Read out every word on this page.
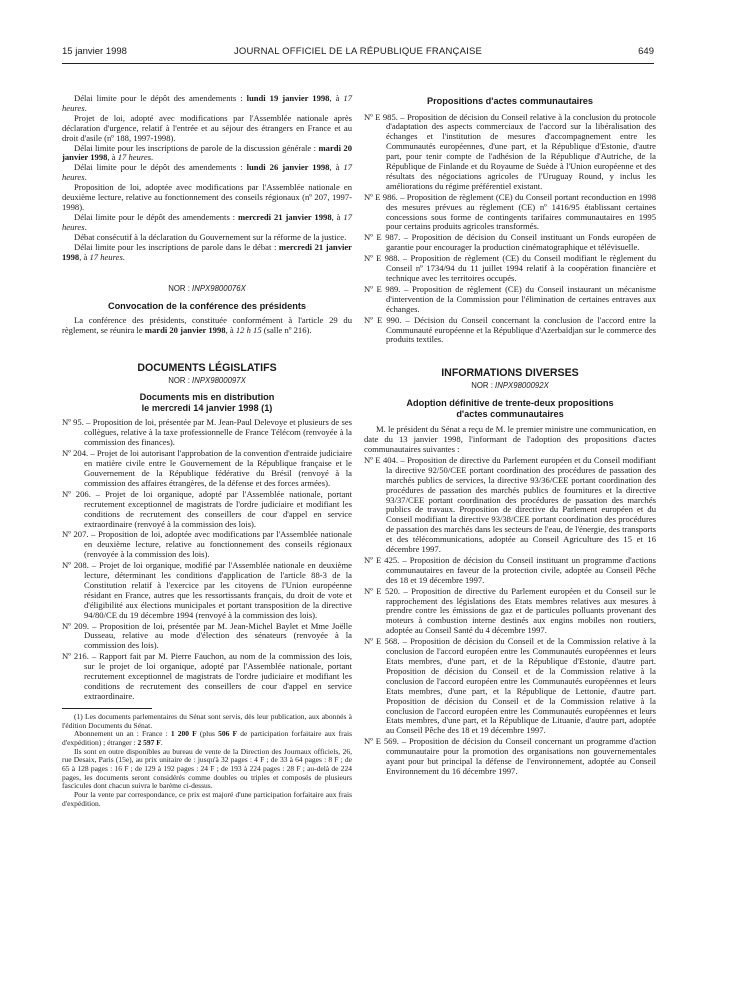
15 janvier 1998	JOURNAL OFFICIEL DE LA RÉPUBLIQUE FRANÇAISE	649

Délai limite pour le dépôt des amendements : lundi 19 janvier 1998, à 17 heures.

Projet de loi, adopté avec modifications par l'Assemblée nationale après déclaration d'urgence, relatif à l'entrée et au séjour des étrangers en France et au droit d'asile (nº 188, 1997-1998).

Délai limite pour les inscriptions de parole de la discussion générale : mardi 20 janvier 1998, à 17 heures.

Délai limite pour le dépôt des amendements : lundi 26 janvier 1998, à 17 heures.

Proposition de loi, adoptée avec modifications par l'Assemblée nationale en deuxième lecture, relative au fonctionnement des conseils régionaux (nº 207, 1997-1998).

Délai limite pour le dépôt des amendements : mercredi 21 janvier 1998, à 17 heures.

Débat consécutif à la déclaration du Gouvernement sur la réforme de la justice.

Délai limite pour les inscriptions de parole dans le débat : mercredi 21 janvier 1998, à 17 heures.

NOR : INPX9800076X

Convocation de la conférence des présidents

La conférence des présidents, constituée conformément à l'article 29 du règlement, se réunira le mardi 20 janvier 1998, à 12 h 15 (salle nº 216).

DOCUMENTS LÉGISLATIFS

NOR : INPX9800097X

Documents mis en distribution

le mercredi 14 janvier 1998 (1)

Nº 95. – Proposition de loi, présentée par M. Jean-Paul Delevoye et plusieurs de ses collègues, relative à la taxe professionnelle de France Télécom (renvoyée à la commission des finances).

Nº 204. – Projet de loi autorisant l'approbation de la convention d'entraide judiciaire en matière civile entre le Gouvernement de la République française et le Gouvernement de la République fédérative du Brésil (renvoyé à la commission des affaires étrangères, de la défense et des forces armées).

Nº 206. – Projet de loi organique, adopté par l'Assemblée nationale, portant recrutement exceptionnel de magistrats de l'ordre judiciaire et modifiant les conditions de recrutement des conseillers de cour d'appel en service extraordinaire (renvoyé à la commission des lois).

Nº 207. – Proposition de loi, adoptée avec modifications par l'Assemblée nationale en deuxième lecture, relative au fonctionnement des conseils régionaux (renvoyée à la commission des lois).

Nº 208. – Projet de loi organique, modifié par l'Assemblée nationale en deuxième lecture, déterminant les conditions d'application de l'article 88-3 de la Constitution relatif à l'exercice par les citoyens de l'Union européenne résidant en France, autres que les ressortissants français, du droit de vote et d'éligibilité aux élections municipales et portant transposition de la directive 94/80/CE du 19 décembre 1994 (renvoyé à la commission des lois).

Nº 209. – Proposition de loi, présentée par M. Jean-Michel Baylet et Mme Joëlle Dusseau, relative au mode d'élection des sénateurs (renvoyée à la commission des lois).

Nº 216. – Rapport fait par M. Pierre Fauchon, au nom de la commission des lois, sur le projet de loi organique, adopté par l'Assemblée nationale, portant recrutement exceptionnel de magistrats de l'ordre judiciaire et modifiant les conditions de recrutement des conseillers de cour d'appel en service extraordinaire.

(1) Les documents parlementaires du Sénat sont servis, dès leur publication, aux abonnés à l'édition Documents du Sénat.

Abonnement un an : France : 1 200 F (plus 506 F de participation forfaitaire aux frais d'expédition) ; étranger : 2 597 F.

Ils sont en outre disponibles au bureau de vente de la Direction des Journaux officiels, 26, rue Desaix, Paris (15e), au prix unitaire de : jusqu'à 32 pages : 4 F ; de 33 à 64 pages : 8 F ; de 65 à 128 pages : 16 F ; de 129 à 192 pages : 24 F ; de 193 à 224 pages : 28 F ; au-delà de 224 pages, les documents seront considérés comme doubles ou triples et composés de plusieurs fascicules dont chacun suivra le barème ci-dessus.

Pour la vente par correspondance, ce prix est majoré d'une participation forfaitaire aux frais d'expédition.

Propositions d'actes communautaires

Nº E 985. – Proposition de décision du Conseil relative à la conclusion du protocole d'adaptation des aspects commerciaux de l'accord sur la libéralisation des échanges et l'institution de mesures d'accompagnement entre les Communautés européennes, d'une part, et la République d'Estonie, d'autre part, pour tenir compte de l'adhésion de la République d'Autriche, de la République de Finlande et du Royaume de Suède à l'Union européenne et des résultats des négociations agricoles de l'Uruguay Round, y inclus les améliorations du régime préférentiel existant.

Nº E 986. – Proposition de règlement (CE) du Conseil portant reconduction en 1998 des mesures prévues au règlement (CE) nº 1416/95 établissant certaines concessions sous forme de contingents tarifaires communautaires en 1995 pour certains produits agricoles transformés.

Nº E 987. – Proposition de décision du Conseil instituant un Fonds européen de garantie pour encourager la production cinématographique et télévisuelle.

Nº E 988. – Proposition de règlement (CE) du Conseil modifiant le règlement du Conseil nº 1734/94 du 11 juillet 1994 relatif à la coopération financière et technique avec les territoires occupés.

Nº E 989. – Proposition de règlement (CE) du Conseil instaurant un mécanisme d'intervention de la Commission pour l'élimination de certaines entraves aux échanges.

Nº E 990. – Décision du Conseil concernant la conclusion de l'accord entre la Communauté européenne et la République d'Azerbaïdjan sur le commerce des produits textiles.

INFORMATIONS DIVERSES

NOR : INPX9800092X

Adoption définitive de trente-deux propositions

d'actes communautaires

M. le président du Sénat a reçu de M. le premier ministre une communication, en date du 13 janvier 1998, l'informant de l'adoption des propositions d'actes communautaires suivantes :

Nº E 404. – Proposition de directive du Parlement européen et du Conseil modifiant la directive 92/50/CEE portant coordination des procédures de passation des marchés publics de services, la directive 93/36/CEE portant coordination des procédures de passation des marchés publics de fournitures et la directive 93/37/CEE portant coordination des procédures de passation des marchés publics de travaux. Proposition de directive du Parlement européen et du Conseil modifiant la directive 93/38/CEE portant coordination des procédures de passation des marchés dans les secteurs de l'eau, de l'énergie, des transports et des télécommunications, adoptée au Conseil Agriculture des 15 et 16 décembre 1997.

Nº E 425. – Proposition de décision du Conseil instituant un programme d'actions communautaires en faveur de la protection civile, adoptée au Conseil Pêche des 18 et 19 décembre 1997.

Nº E 520. – Proposition de directive du Parlement européen et du Conseil sur le rapprochement des législations des Etats membres relatives aux mesures à prendre contre les émissions de gaz et de particules polluants provenant des moteurs à combustion interne destinés aux engins mobiles non routiers, adoptée au Conseil Santé du 4 décembre 1997.

Nº E 568. – Proposition de décision du Conseil et de la Commission relative à la conclusion de l'accord européen entre les Communautés européennes et leurs Etats membres, d'une part, et de la République d'Estonie, d'autre part. Proposition de décision du Conseil et de la Commission relative à la conclusion de l'accord européen entre les Communautés européennes et leurs Etats membres, d'une part, et la République de Lettonie, d'autre part. Proposition de décision du Conseil et de la Commission relative à la conclusion de l'accord européen entre les Communautés européennes et leurs Etats membres, d'une part, et la République de Lituanie, d'autre part, adoptée au Conseil Pêche des 18 et 19 décembre 1997.

Nº E 569. – Proposition de décision du Conseil concernant un programme d'action communautaire pour la promotion des organisations non gouvernementales ayant pour but principal la défense de l'environnement, adoptée au Conseil Environnement du 16 décembre 1997.
